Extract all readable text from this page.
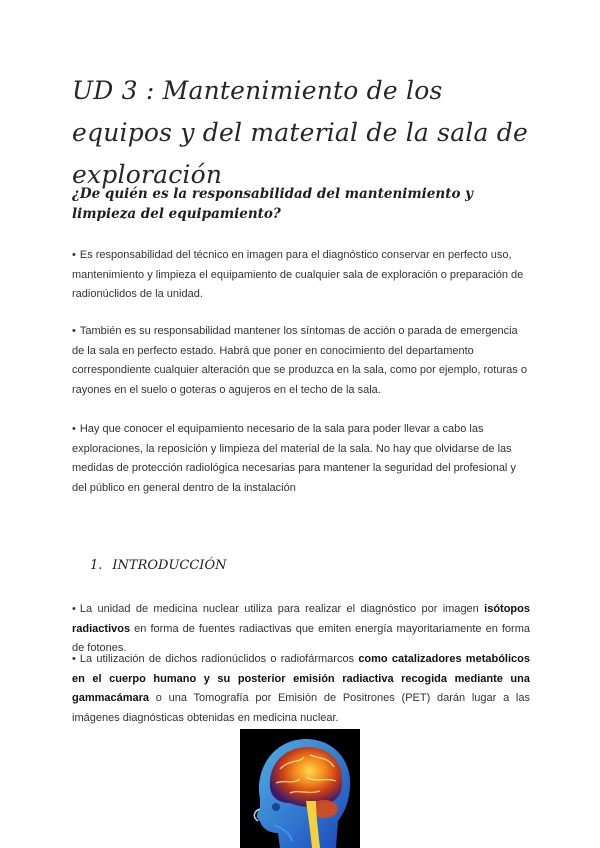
UD 3 : Mantenimiento de los equipos y del material de la sala de exploración
¿De quién es la responsabilidad del mantenimiento y limpieza del equipamiento?

• Es responsabilidad del técnico en imagen para el diagnóstico conservar en perfecto uso, mantenimiento y limpieza el equipamiento de cualquier sala de exploración o preparación de radionúclidos de la unidad.

• También es su responsabilidad mantener los síntomas de acción o parada de emergencia de la sala en perfecto estado. Habrá que poner en conocimiento del departamento correspondiente cualquier alteración que se produzca en la sala, como por ejemplo, roturas o rayones en el suelo o goteras o agujeros en el techo de la sala.

• Hay que conocer el equipamiento necesario de la sala para poder llevar a cabo las exploraciones, la reposición y limpieza del material de la sala. No hay que olvidarse de las medidas de protección radiológica necesarias para mantener la seguridad del profesional y del público en general dentro de la instalación

1. INTRODUCCIÓN

• La unidad de medicina nuclear utiliza para realizar el diagnóstico por imagen isótopos radiactivos en forma de fuentes radiactivas que emiten energía mayoritariamente en forma de fotones.

• La utilización de dichos radionúclidos o radiofármarcos como catalizadores metabólicos en el cuerpo humano y su posterior emisión radiactiva recogida mediante una gammacámara o una Tomografía por Emisión de Positrones (PET) darán lugar a las imágenes diagnósticas obtenidas en medicina nuclear.
